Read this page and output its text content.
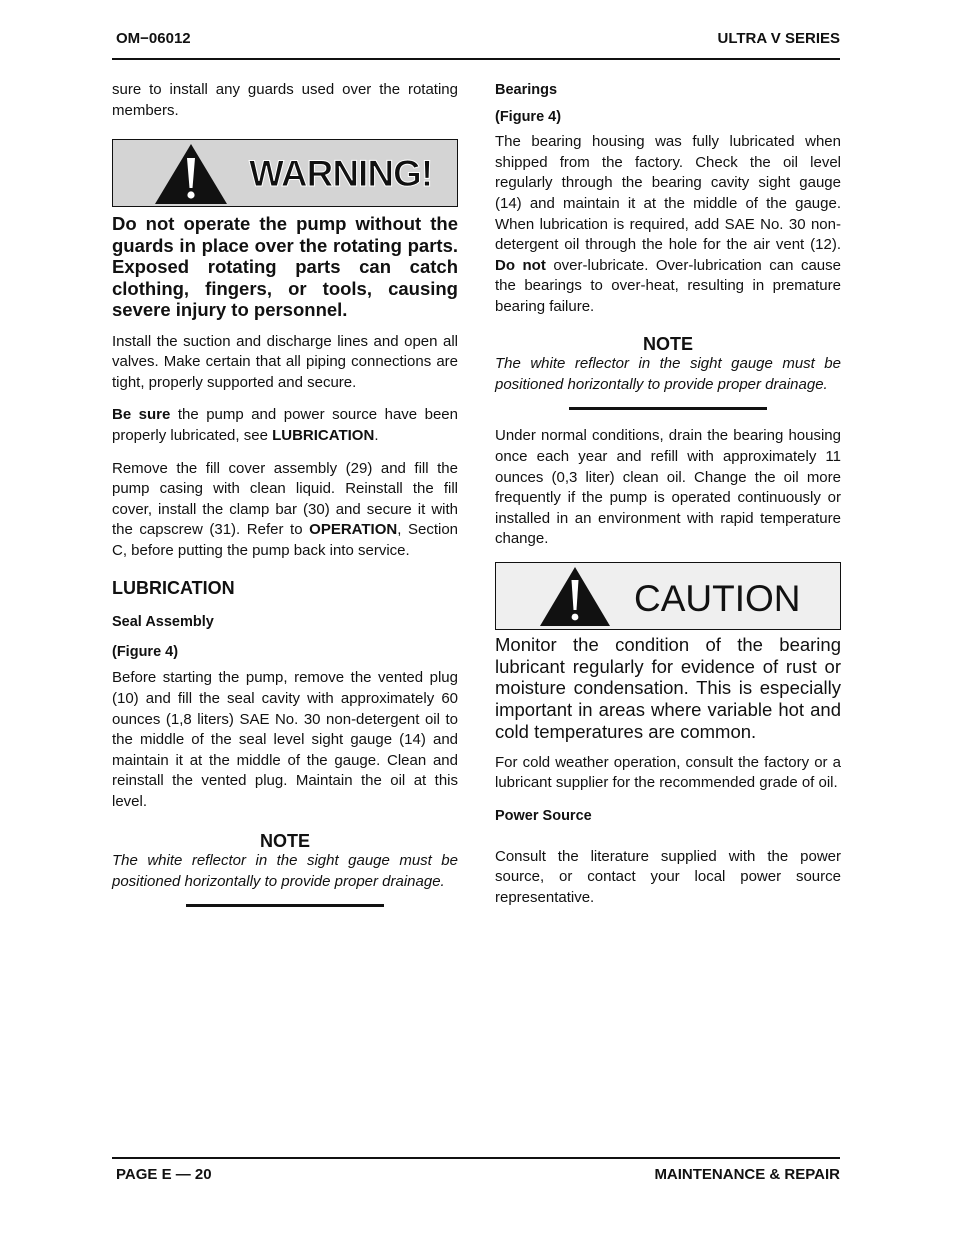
OM−06012	ULTRA V SERIES

sure to install any guards used over the rotating members.

WARNING!

Do not operate the pump without the guards in place over the rotating parts. Exposed rotating parts can catch clothing, fingers, or tools, causing severe injury to personnel.

Install the suction and discharge lines and open all valves. Make certain that all piping connections are tight, properly supported and secure.

Be sure the pump and power source have been properly lubricated, see LUBRICATION.

Remove the fill cover assembly (29) and fill the pump casing with clean liquid. Reinstall the fill cover, install the clamp bar (30) and secure it with the capscrew (31). Refer to OPERATION, Section C, before putting the pump back into service.

LUBRICATION
Seal Assembly
(Figure 4)

Before starting the pump, remove the vented plug (10) and fill the seal cavity with approximately 60 ounces (1,8 liters) SAE No. 30 non-detergent oil to the middle of the seal level sight gauge (14) and maintain it at the middle of the gauge. Clean and reinstall the vented plug. Maintain the oil at this level.

NOTE

The white reflector in the sight gauge must be positioned horizontally to provide proper drainage.

Bearings
(Figure 4)

The bearing housing was fully lubricated when shipped from the factory. Check the oil level regularly through the bearing cavity sight gauge (14) and maintain it at the middle of the gauge. When lubrication is required, add SAE No. 30 non-detergent oil through the hole for the air vent (12). Do not over-lubricate. Over-lubrication can cause the bearings to over-heat, resulting in premature bearing failure.

NOTE

The white reflector in the sight gauge must be positioned horizontally to provide proper drainage.

Under normal conditions, drain the bearing housing once each year and refill with approximately 11 ounces (0,3 liter) clean oil. Change the oil more frequently if the pump is operated continuously or installed in an environment with rapid temperature change.

CAUTION

Monitor the condition of the bearing lubricant regularly for evidence of rust or moisture condensation. This is especially important in areas where variable hot and cold temperatures are common.

For cold weather operation, consult the factory or a lubricant supplier for the recommended grade of oil.

Power Source

Consult the literature supplied with the power source, or contact your local power source representative.

PAGE E — 20	MAINTENANCE & REPAIR
